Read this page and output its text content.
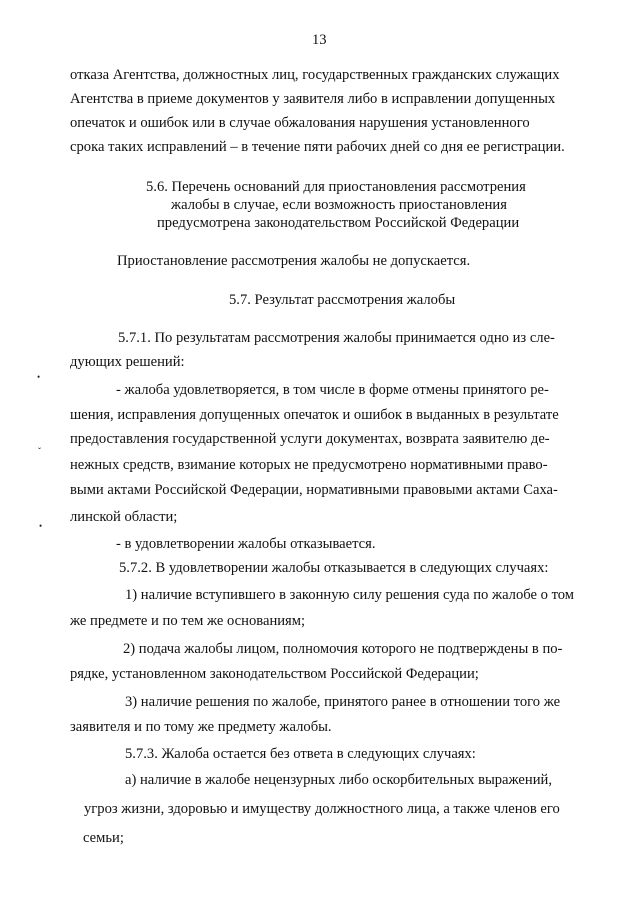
13
отказа Агентства, должностных лиц, государственных гражданских служащих
Агентства в приеме документов у заявителя либо в исправлении допущенных
опечаток и ошибок или в случае обжалования нарушения установленного
срока таких исправлений – в течение пяти рабочих дней со дня ее регистрации.
5.6. Перечень оснований для приостановления рассмотрения
жалобы в случае, если возможность приостановления
предусмотрена законодательством Российской Федерации
Приостановление рассмотрения жалобы не допускается.
5.7. Результат рассмотрения жалобы
5.7.1. По результатам рассмотрения жалобы принимается одно из сле-
дующих решений:
- жалоба удовлетворяется, в том числе в форме отмены принятого ре-
шения, исправления допущенных опечаток и ошибок в выданных в результате
предоставления государственной услуги документах, возврата заявителю де-
нежных средств, взимание которых не предусмотрено нормативными право-
выми актами Российской Федерации, нормативными правовыми актами Саха-
линской области;
- в удовлетворении жалобы отказывается.
5.7.2. В удовлетворении жалобы отказывается в следующих случаях:
1) наличие вступившего в законную силу решения суда по жалобе о том
же предмете и по тем же основаниям;
2) подача жалобы лицом, полномочия которого не подтверждены в по-
рядке, установленном законодательством Российской Федерации;
3) наличие решения по жалобе, принятого ранее в отношении того же
заявителя и по тому же предмету жалобы.
5.7.3. Жалоба остается без ответа в следующих случаях:
а) наличие в жалобе нецензурных либо оскорбительных выражений,
угроз жизни, здоровью и имуществу должностного лица, а также членов его
семьи;
•
ˇ
•
